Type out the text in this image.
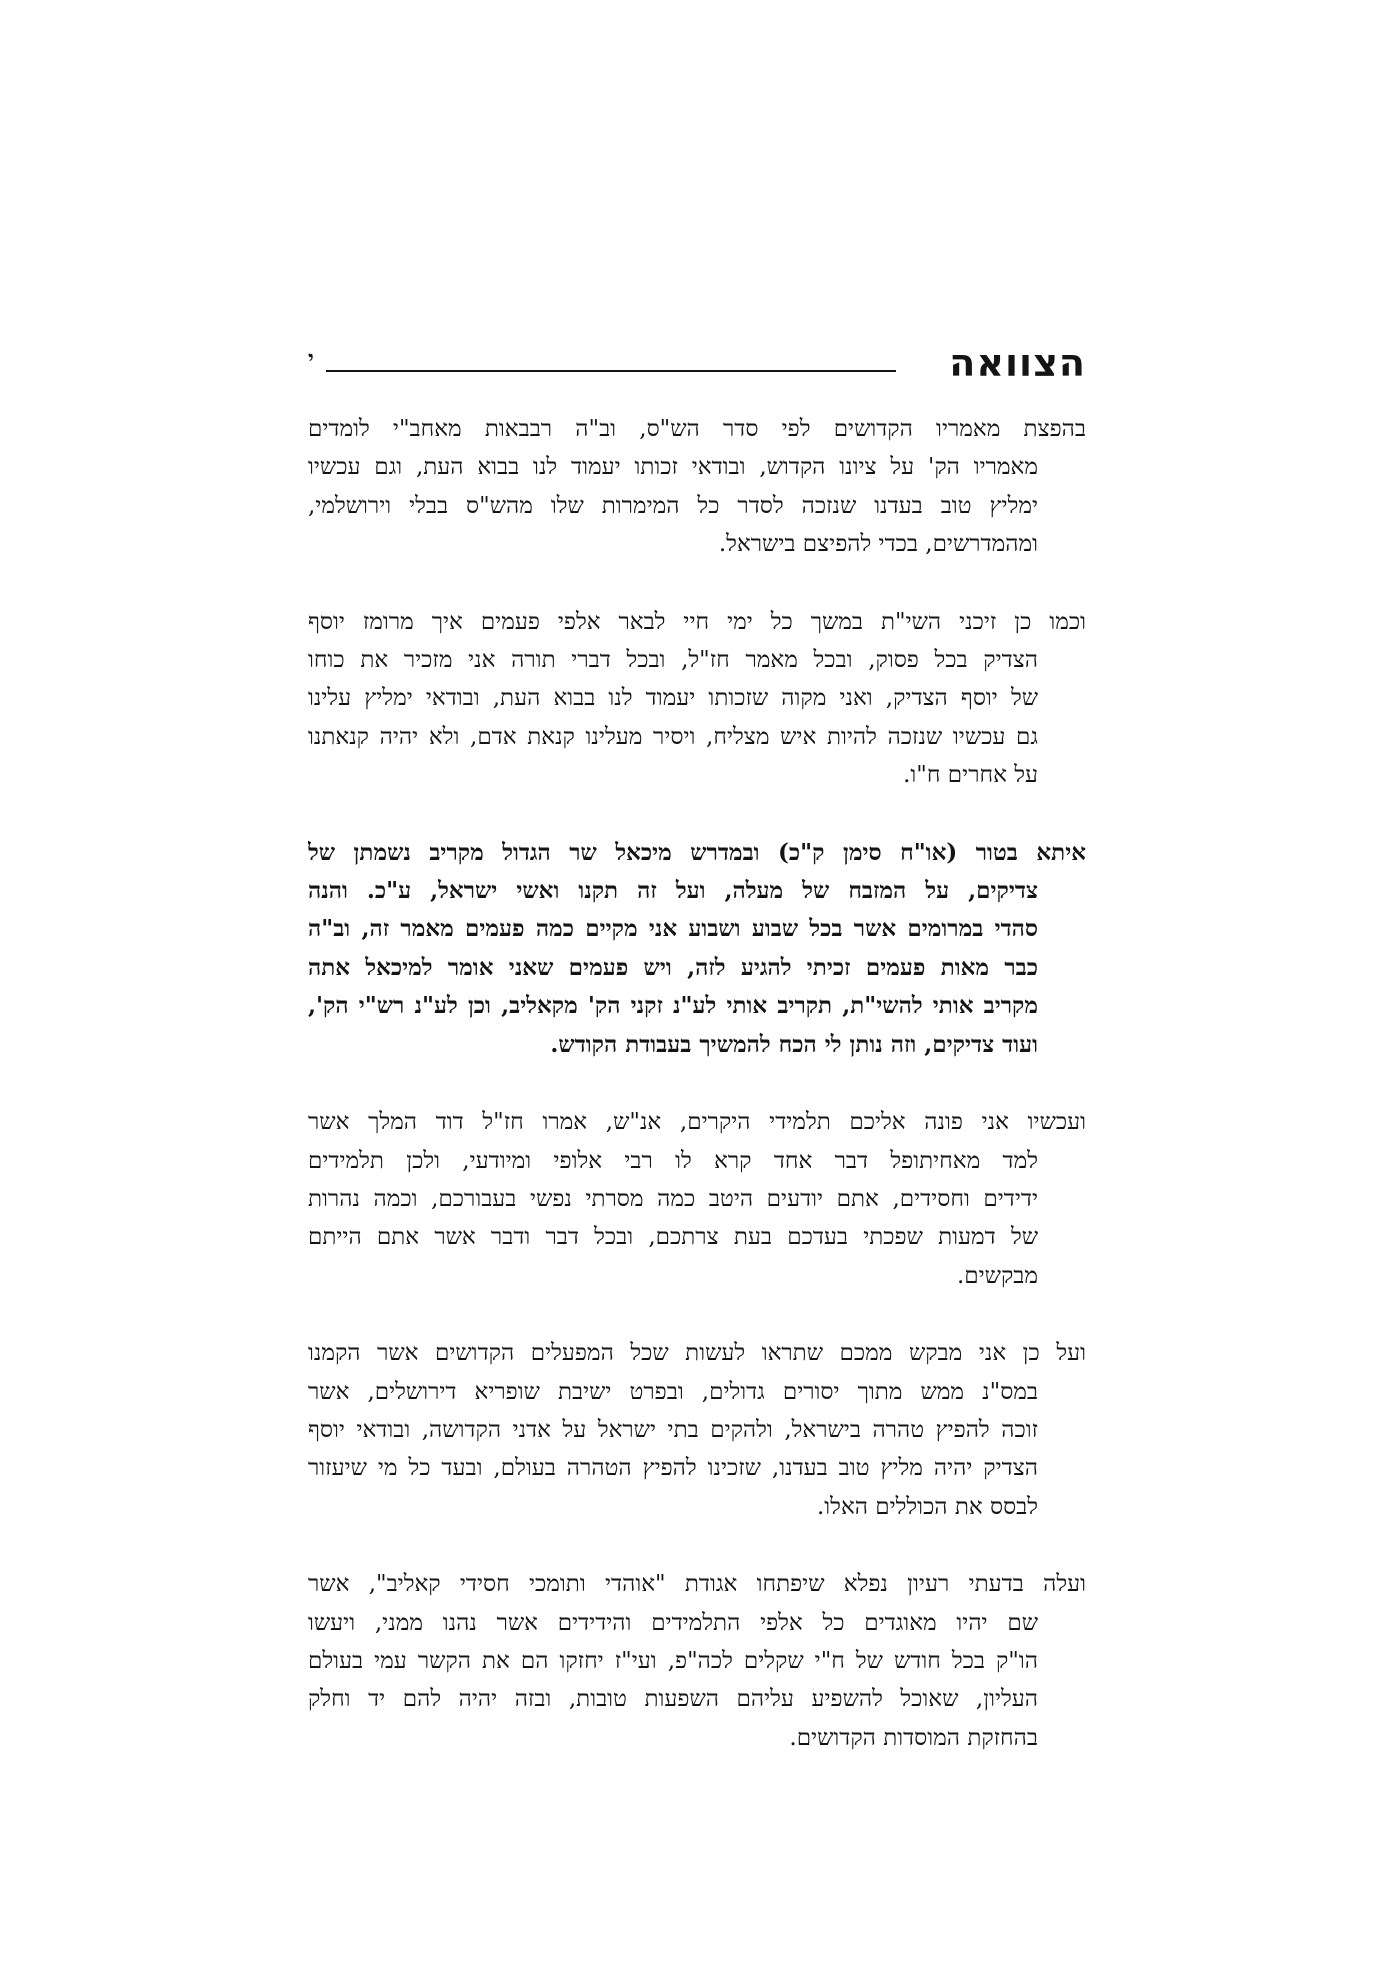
הצוואה
י
בהפצת מאמריו הקדושים לפי סדר הש"ס, וב"ה רבבאות מאחב"י לומדים
מאמריו הק' על ציונו הקדוש, ובודאי זכותו יעמוד לנו בבוא העת, וגם עכשיו
ימליץ טוב בעדנו שנזכה לסדר כל המימרות שלו מהש"ס בבלי וירושלמי,
ומהמדרשים, בכדי להפיצם בישראל.
וכמו כן זיכני השי"ת במשך כל ימי חיי לבאר אלפי פעמים איך מרומז יוסף
הצדיק בכל פסוק, ובכל מאמר חז"ל, ובכל דברי תורה אני מזכיר את כוחו
של יוסף הצדיק, ואני מקוה שזכותו יעמוד לנו בבוא העת, ובודאי ימליץ עלינו
גם עכשיו שנזכה להיות איש מצליח, ויסיר מעלינו קנאת אדם, ולא יהיה קנאתנו
על אחרים ח"ו.
איתא בטור (או"ח סימן ק"כ) ובמדרש מיכאל שר הגדול מקריב נשמתן של
צדיקים, על המזבח של מעלה, ועל זה תקנו ואשי ישראל, ע"כ. והנה
סהדי במרומים אשר בכל שבוע ושבוע אני מקיים כמה פעמים מאמר זה, וב"ה
כבר מאות פעמים זכיתי להגיע לזה, ויש פעמים שאני אומר למיכאל אתה
מקריב אותי להשי"ת, תקריב אותי לע"נ זקני הק' מקאליב, וכן לע"נ רש"י הק',
ועוד צדיקים, וזה נותן לי הכח להמשיך בעבודת הקודש.
ועכשיו אני פונה אליכם תלמידי היקרים, אנ"ש, אמרו חז"ל דוד המלך אשר
למד מאחיתופל דבר אחד קרא לו רבי אלופי ומיודעי, ולכן תלמידים
ידידים וחסידים, אתם יודעים היטב כמה מסרתי נפשי בעבורכם, וכמה נהרות
של דמעות שפכתי בעדכם בעת צרתכם, ובכל דבר ודבר אשר אתם הייתם
מבקשים.
ועל כן אני מבקש ממכם שתראו לעשות שכל המפעלים הקדושים אשר הקמנו
במס"נ ממש מתוך יסורים גדולים, ובפרט ישיבת שופריא דירושלים, אשר
זוכה להפיץ טהרה בישראל, ולהקים בתי ישראל על אדני הקדושה, ובודאי יוסף
הצדיק יהיה מליץ טוב בעדנו, שזכינו להפיץ הטהרה בעולם, ובעד כל מי שיעזור
לבסס את הכוללים האלו.
ועלה בדעתי רעיון נפלא שיפתחו אגודת "אוהדי ותומכי חסידי קאליב", אשר
שם יהיו מאוגדים כל אלפי התלמידים והידידים אשר נהנו ממני, ויעשו
הו"ק בכל חודש של ח"י שקלים לכה"פ, ועי"ז יחזקו הם את הקשר עמי בעולם
העליון, שאוכל להשפיע עליהם השפעות טובות, ובזה יהיה להם יד וחלק
בהחזקת המוסדות הקדושים.
